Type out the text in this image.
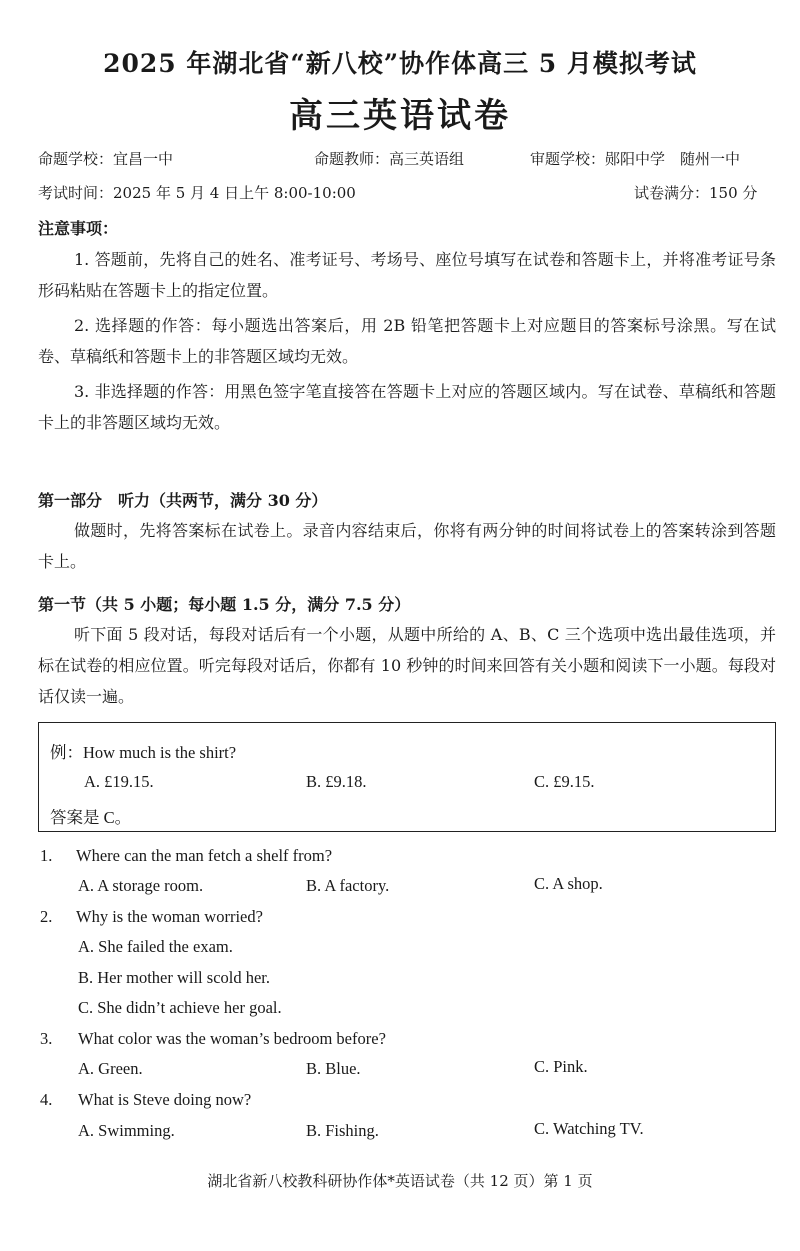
2025 年湖北省“新八校”协作体高三 5 月模拟考试
高三英语试卷
命题学校：宜昌一中	命题教师：高三英语组	审题学校：郧阳中学　随州一中
考试时间：2025 年 5 月 4 日上午 8:00-10:00	试卷满分：150 分
注意事项：
1. 答题前，先将自己的姓名、准考证号、考场号、座位号填写在试卷和答题卡上，并将准考证号条形码粘贴在答题卡上的指定位置。
2. 选择题的作答：每小题选出答案后，用 2B 铅笔把答题卡上对应题目的答案标号涂黑。写在试卷、草稿纸和答题卡上的非答题区域均无效。
3. 非选择题的作答：用黑色签字笔直接答在答题卡上对应的答题区域内。写在试卷、草稿纸和答题卡上的非答题区域均无效。
第一部分　听力（共两节，满分 30 分）
做题时，先将答案标在试卷上。录音内容结束后，你将有两分钟的时间将试卷上的答案转涂到答题卡上。
第一节（共 5 小题；每小题 1.5 分，满分 7.5 分）
听下面 5 段对话，每段对话后有一个小题，从题中所给的 A、B、C 三个选项中选出最佳选项，并标在试卷的相应位置。听完每段对话后，你都有 10 秒钟的时间来回答有关小题和阅读下一小题。每段对话仅读一遍。
例：How much is the shirt?
A. £19.15.	B. £9.18.	C. £9.15.
答案是 C。
1. Where can the man fetch a shelf from?
A. A storage room.	B. A factory.	C. A shop.
2. Why is the woman worried?
A. She failed the exam.
B. Her mother will scold her.
C. She didn’t achieve her goal.
3. What color was the woman’s bedroom before?
A. Green.	B. Blue.	C. Pink.
4. What is Steve doing now?
A. Swimming.	B. Fishing.	C. Watching TV.
湖北省新八校教科研协作体*英语试卷（共 12 页）第 1 页
